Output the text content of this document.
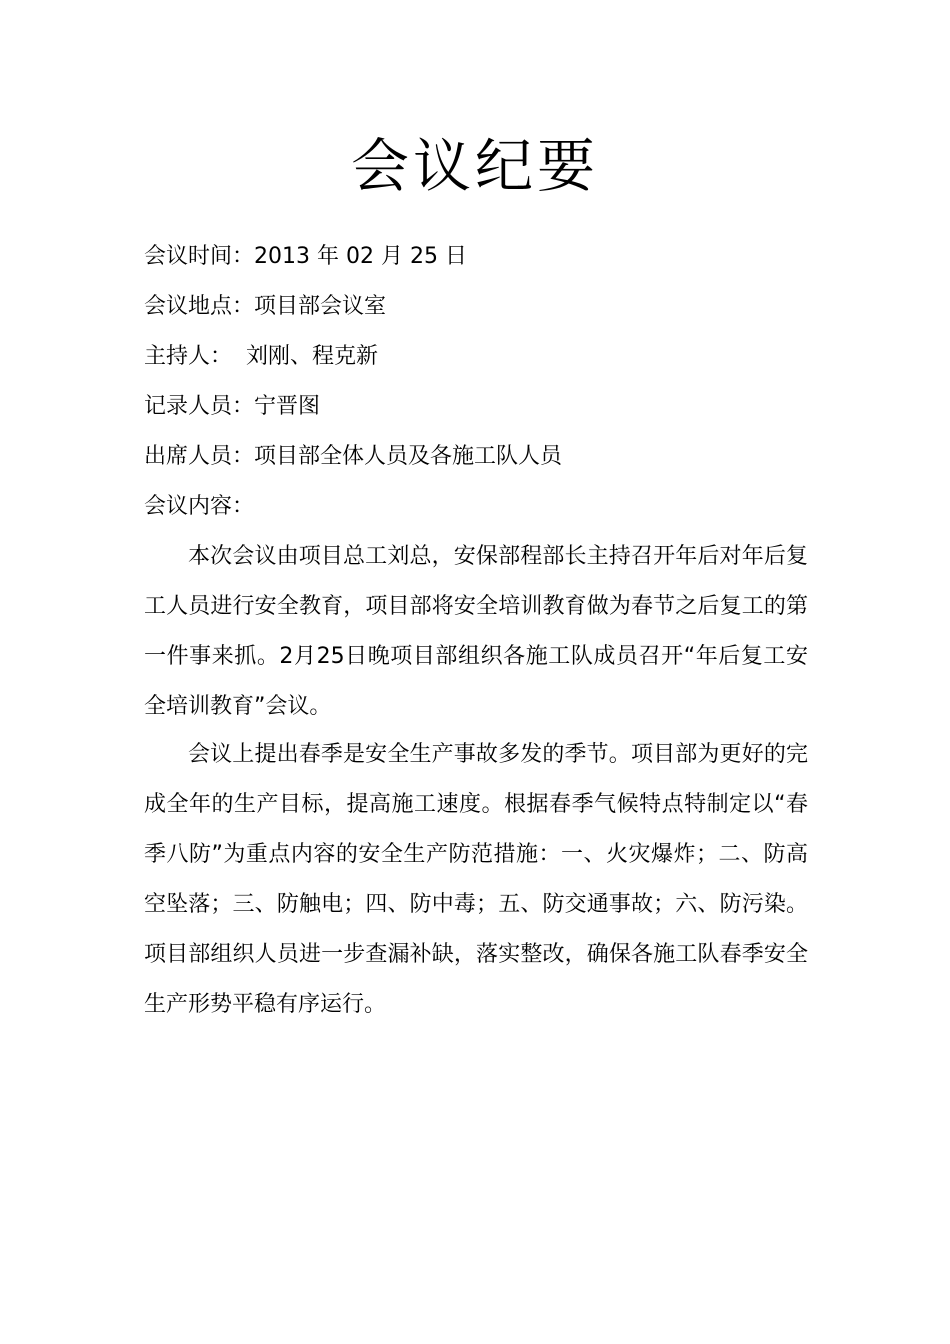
会议纪要
会议时间：2013 年 02 月 25 日
会议地点：项目部会议室
主持人：  刘刚、程克新
记录人员：宁晋图
出席人员：项目部全体人员及各施工队人员
会议内容：

本次会议由项目总工刘总，安保部程部长主持召开年后对年后复工人员进行安全教育，项目部将安全培训教育做为春节之后复工的第一件事来抓。2月25日晚项目部组织各施工队成员召开“年后复工安全培训教育”会议。

会议上提出春季是安全生产事故多发的季节。项目部为更好的完成全年的生产目标，提高施工速度。根据春季气候特点特制定以“春季八防”为重点内容的安全生产防范措施：一、火灾爆炸；二、防高空坠落；三、防触电；四、防中毒；五、防交通事故；六、防污染。项目部组织人员进一步查漏补缺，落实整改，确保各施工队春季安全生产形势平稳有序运行。
